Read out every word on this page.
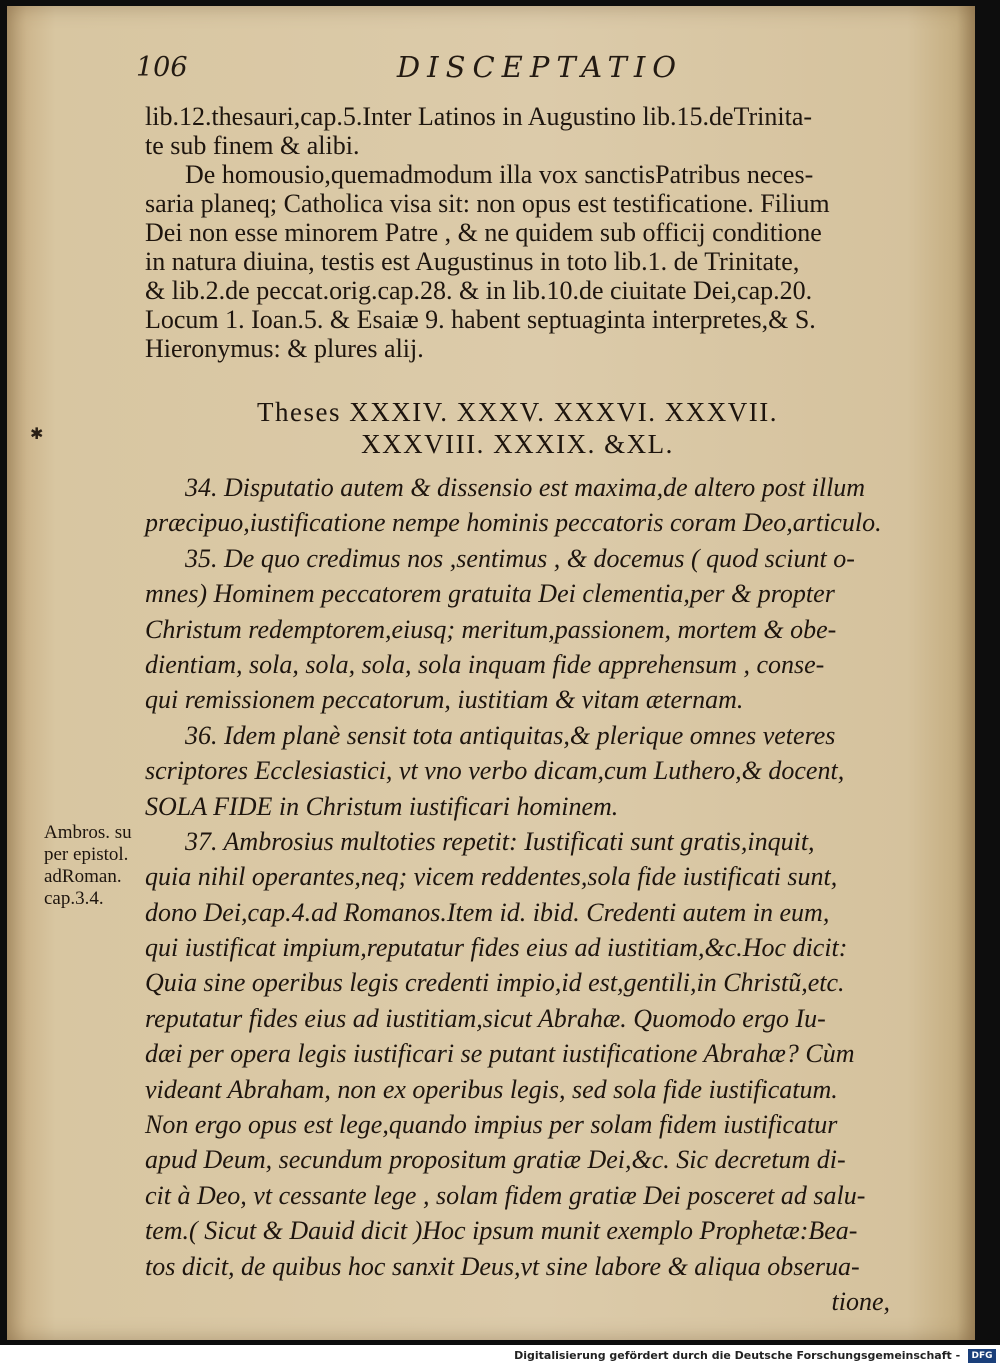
106	DISCEPTATIO
lib.12.thesauri,cap.5.Inter Latinos in Augustino lib.15.deTrinita-
te sub finem & alibi.
De homousio,quemadmodum illa vox sanctisPatribus neces-
saria planeq; Catholica visa sit: non opus est testificatione. Filium
Dei non esse minorem Patre , & ne quidem sub officij conditione
in natura diuina, testis est Augustinus in toto lib.1. de Trinitate,
& lib.2.de peccat.orig.cap.28. & in lib.10.de ciuitate Dei,cap.20.
Locum 1. Ioan.5. & Esaiæ 9. habent septuaginta interpretes,& S.
Hieronymus: & plures alij.
✱
Theses XXXIV. XXXV. XXXVI. XXXVII.
XXXVIII. XXXIX. &XL.
34. Disputatio autem & dissensio est maxima,de altero post illum
præcipuo,iustificatione nempe hominis peccatoris coram Deo,articulo.
35. De quo credimus nos ,sentimus , & docemus ( quod sciunt o-
mnes) Hominem peccatorem gratuita Dei clementia,per & propter
Christum redemptorem,eiusq; meritum,passionem, mortem & obe-
dientiam, sola, sola, sola, sola inquam fide apprehensum , conse-
qui remissionem peccatorum, iustitiam & vitam æternam.
36. Idem planè sensit tota antiquitas,& plerique omnes veteres
scriptores Ecclesiastici, vt vno verbo dicam,cum Luthero,& docent,
SOLA FIDE in Christum iustificari hominem.
37. Ambrosius multoties repetit: Iustificati sunt gratis,inquit,
quia nihil operantes,neq; vicem reddentes,sola fide iustificati sunt,
dono Dei,cap.4.ad Romanos.Item id. ibid. Credenti autem in eum,
qui iustificat impium,reputatur fides eius ad iustitiam,&c.Hoc dicit:
Quia sine operibus legis credenti impio,id est,gentili,in Christũ,etc.
reputatur fides eius ad iustitiam,sicut Abrahæ. Quomodo ergo Iu-
dæi per opera legis iustificari se putant iustificatione Abrahæ? Cùm
videant Abraham, non ex operibus legis, sed sola fide iustificatum.
Non ergo opus est lege,quando impius per solam fidem iustificatur
apud Deum, secundum propositum gratiæ Dei,&c. Sic decretum di-
cit à Deo, vt cessante lege , solam fidem gratiæ Dei posceret ad salu-
tem.( Sicut & Dauid dicit )Hoc ipsum munit exemplo Prophetæ:Bea-
tos dicit, de quibus hoc sanxit Deus,vt sine labore & aliqua obserua-
tione,
Ambros. su
per epistol.
adRoman.
cap.3.4.
Digitalisierung gefördert durch die Deutsche Forschungsgemeinschaft - DFG
